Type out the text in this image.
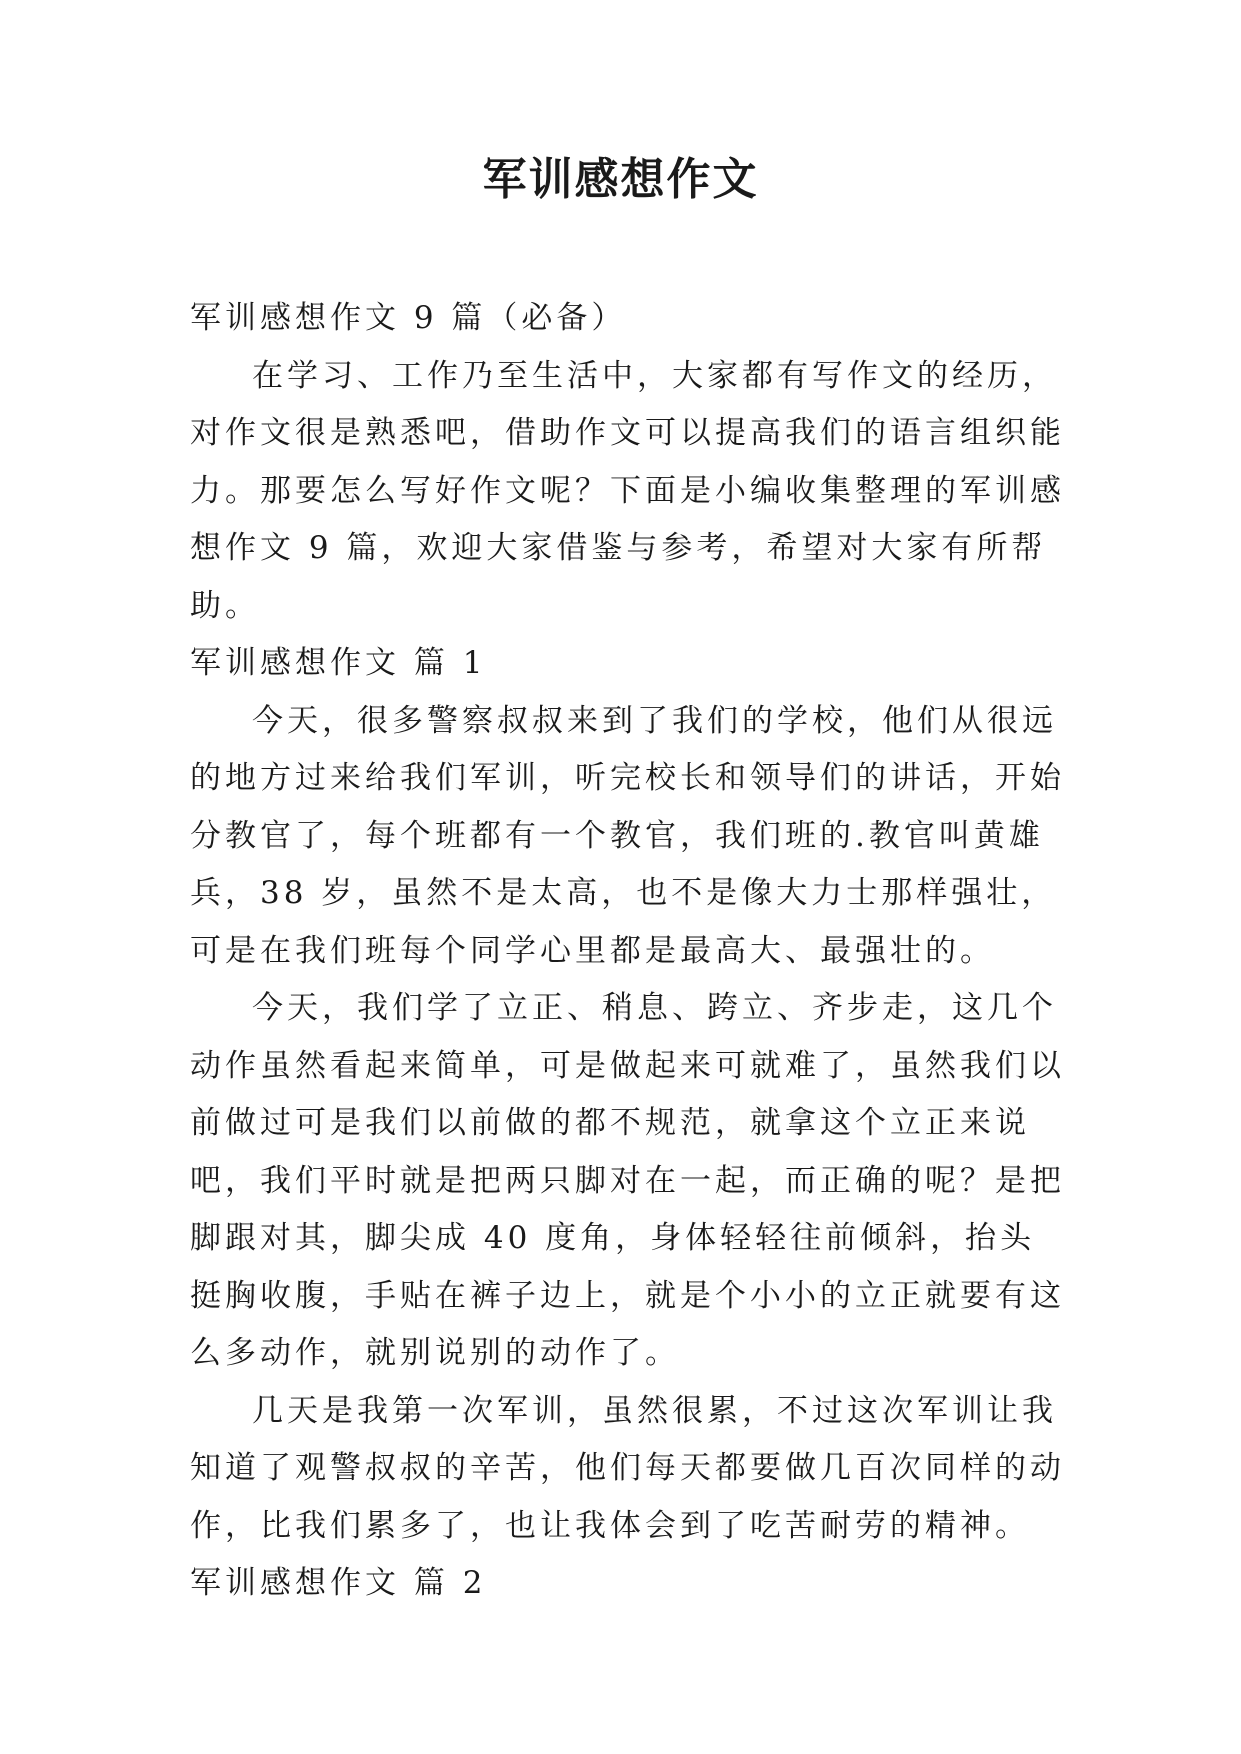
军训感想作文

军训感想作文 9 篇（必备）

在学习、工作乃至生活中，大家都有写作文的经历，对作文很是熟悉吧，借助作文可以提高我们的语言组织能力。那要怎么写好作文呢？下面是小编收集整理的军训感想作文 9 篇，欢迎大家借鉴与参考，希望对大家有所帮助。

军训感想作文 篇 1

今天，很多警察叔叔来到了我们的学校，他们从很远的地方过来给我们军训，听完校长和领导们的讲话，开始分教官了，每个班都有一个教官，我们班的.教官叫黄雄兵，38 岁，虽然不是太高，也不是像大力士那样强壮，可是在我们班每个同学心里都是最高大、最强壮的。

今天，我们学了立正、稍息、跨立、齐步走，这几个动作虽然看起来简单，可是做起来可就难了，虽然我们以前做过可是我们以前做的都不规范，就拿这个立正来说吧，我们平时就是把两只脚对在一起，而正确的呢？是把脚跟对其，脚尖成 40 度角，身体轻轻往前倾斜，抬头挺胸收腹，手贴在裤子边上，就是个小小的立正就要有这么多动作，就别说别的动作了。

几天是我第一次军训，虽然很累，不过这次军训让我知道了观警叔叔的辛苦，他们每天都要做几百次同样的动作，比我们累多了，也让我体会到了吃苦耐劳的精神。

军训感想作文 篇 2
